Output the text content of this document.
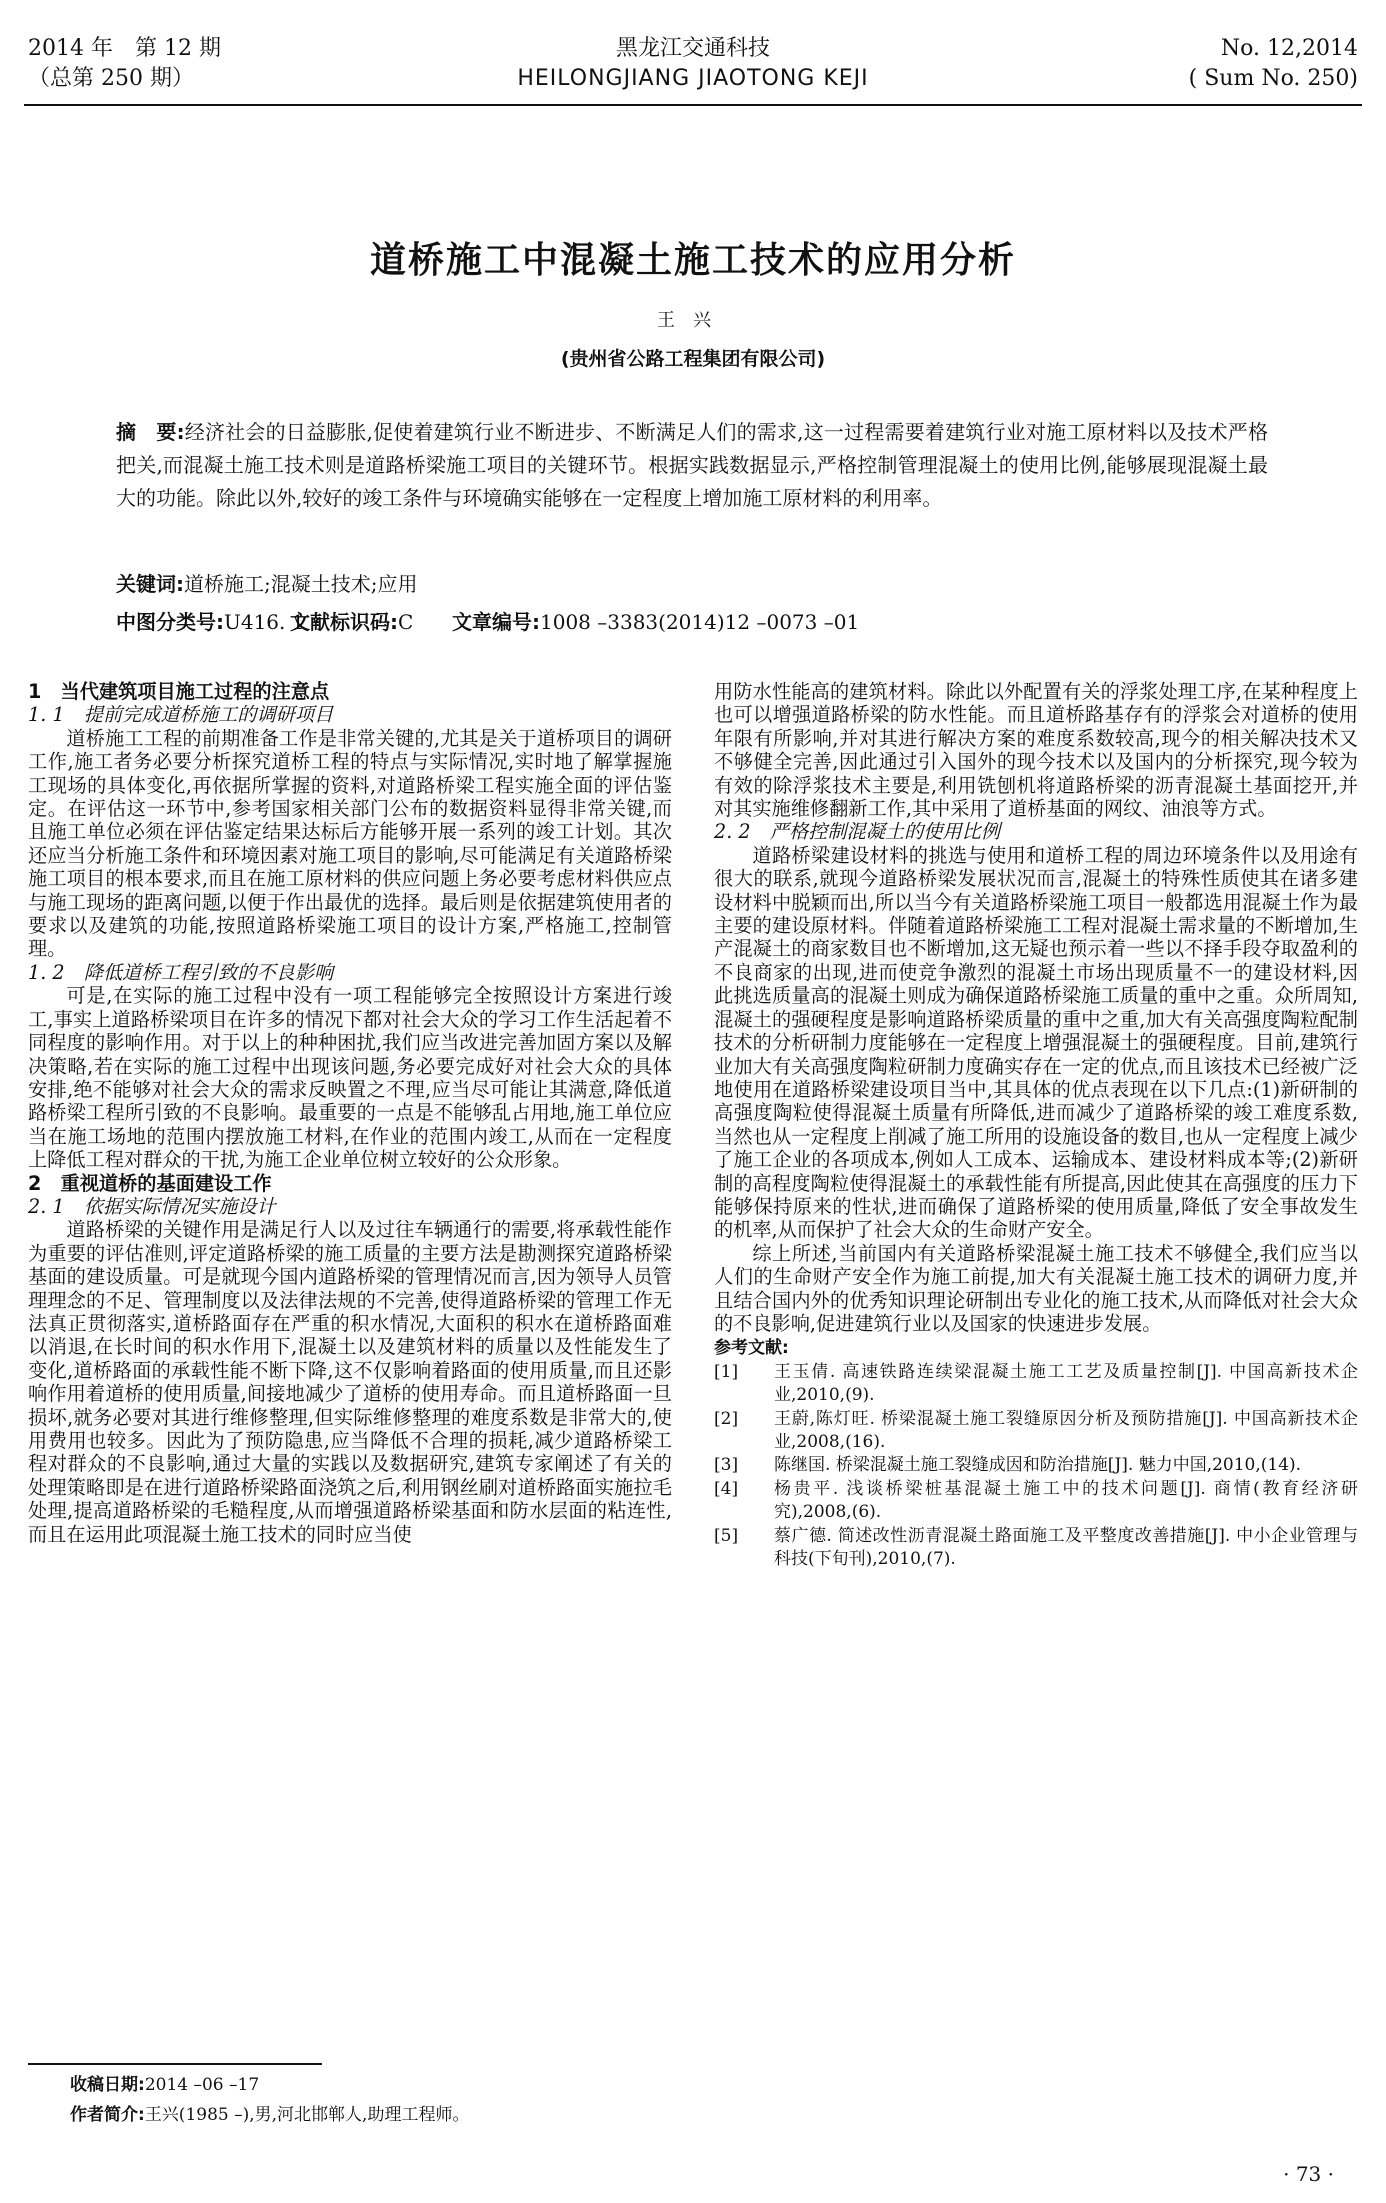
2014 年　第 12 期
（总第 250 期）
黑龙江交通科技
HEILONGJIANG JIAOTONG KEJI
No. 12,2014
( Sum No. 250)
道桥施工中混凝土施工技术的应用分析
王兴
(贵州省公路工程集团有限公司)
摘　要:经济社会的日益膨胀,促使着建筑行业不断进步、不断满足人们的需求,这一过程需要着建筑行业对施工原材料以及技术严格把关,而混凝土施工技术则是道路桥梁施工项目的关键环节。根据实践数据显示,严格控制管理混凝土的使用比例,能够展现混凝土最大的功能。除此以外,较好的竣工条件与环境确实能够在一定程度上增加施工原材料的利用率。
关键词:道桥施工;混凝土技术;应用
中图分类号:U416. 1
文献标识码:C 文章编号:1008 –3383(2014)12 –0073 –01
1　当代建筑项目施工过程的注意点
1. 1　提前完成道桥施工的调研项目

道桥施工工程的前期准备工作是非常关键的,尤其是关于道桥项目的调研工作,施工者务必要分析探究道桥工程的特点与实际情况,实时地了解掌握施工现场的具体变化,再依据所掌握的资料,对道路桥梁工程实施全面的评估鉴定。在评估这一环节中,参考国家相关部门公布的数据资料显得非常关键,而且施工单位必须在评估鉴定结果达标后方能够开展一系列的竣工计划。其次还应当分析施工条件和环境因素对施工项目的影响,尽可能满足有关道路桥梁施工项目的根本要求,而且在施工原材料的供应问题上务必要考虑材料供应点与施工现场的距离问题,以便于作出最优的选择。最后则是依据建筑使用者的要求以及建筑的功能,按照道路桥梁施工项目的设计方案,严格施工,控制管理。

1. 2　降低道桥工程引致的不良影响

可是,在实际的施工过程中没有一项工程能够完全按照设计方案进行竣工,事实上道路桥梁项目在许多的情况下都对社会大众的学习工作生活起着不同程度的影响作用。对于以上的种种困扰,我们应当改进完善加固方案以及解决策略,若在实际的施工过程中出现该问题,务必要完成好对社会大众的具体安排,绝不能够对社会大众的需求反映置之不理,应当尽可能让其满意,降低道路桥梁工程所引致的不良影响。最重要的一点是不能够乱占用地,施工单位应当在施工场地的范围内摆放施工材料,在作业的范围内竣工,从而在一定程度上降低工程对群众的干扰,为施工企业单位树立较好的公众形象。

2　重视道桥的基面建设工作
2. 1　依据实际情况实施设计

道路桥梁的关键作用是满足行人以及过往车辆通行的需要,将承载性能作为重要的评估准则,评定道路桥梁的施工质量的主要方法是勘测探究道路桥梁基面的建设质量。可是就现今国内道路桥梁的管理情况而言,因为领导人员管理理念的不足、管理制度以及法律法规的不完善,使得道路桥梁的管理工作无法真正贯彻落实,道桥路面存在严重的积水情况,大面积的积水在道桥路面难以消退,在长时间的积水作用下,混凝土以及建筑材料的质量以及性能发生了变化,道桥路面的承载性能不断下降,这不仅影响着路面的使用质量,而且还影响作用着道桥的使用质量,间接地减少了道桥的使用寿命。而且道桥路面一旦损坏,就务必要对其进行维修整理,但实际维修整理的难度系数是非常大的,使用费用也较多。因此为了预防隐患,应当降低不合理的损耗,减少道路桥梁工程对群众的不良影响,通过大量的实践以及数据研究,建筑专家阐述了有关的处理策略即是在进行道路桥梁路面浇筑之后,利用钢丝刷对道桥路面实施拉毛处理,提高道路桥梁的毛糙程度,从而增强道路桥梁基面和防水层面的粘连性,而且在运用此项混凝土施工技术的同时应当使

用防水性能高的建筑材料。除此以外配置有关的浮浆处理工序,在某种程度上也可以增强道路桥梁的防水性能。而且道桥路基存有的浮浆会对道桥的使用年限有所影响,并对其进行解决方案的难度系数较高,现今的相关解决技术又不够健全完善,因此通过引入国外的现今技术以及国内的分析探究,现今较为有效的除浮浆技术主要是,利用铣刨机将道路桥梁的沥青混凝土基面挖开,并对其实施维修翻新工作,其中采用了道桥基面的网纹、油浪等方式。

2. 2　严格控制混凝土的使用比例

道路桥梁建设材料的挑选与使用和道桥工程的周边环境条件以及用途有很大的联系,就现今道路桥梁发展状况而言,混凝土的特殊性质使其在诸多建设材料中脱颖而出,所以当今有关道路桥梁施工项目一般都选用混凝土作为最主要的建设原材料。伴随着道路桥梁施工工程对混凝土需求量的不断增加,生产混凝土的商家数目也不断增加,这无疑也预示着一些以不择手段夺取盈利的不良商家的出现,进而使竞争激烈的混凝土市场出现质量不一的建设材料,因此挑选质量高的混凝土则成为确保道路桥梁施工质量的重中之重。众所周知,混凝土的强硬程度是影响道路桥梁质量的重中之重,加大有关高强度陶粒配制技术的分析研制力度能够在一定程度上增强混凝土的强硬程度。目前,建筑行业加大有关高强度陶粒研制力度确实存在一定的优点,而且该技术已经被广泛地使用在道路桥梁建设项目当中,其具体的优点表现在以下几点:(1)新研制的高强度陶粒使得混凝土质量有所降低,进而减少了道路桥梁的竣工难度系数,当然也从一定程度上削减了施工所用的设施设备的数目,也从一定程度上减少了施工企业的各项成本,例如人工成本、运输成本、建设材料成本等;(2)新研制的高程度陶粒使得混凝土的承载性能有所提高,因此使其在高强度的压力下能够保持原来的性状,进而确保了道路桥梁的使用质量,降低了安全事故发生的机率,从而保护了社会大众的生命财产安全。

综上所述,当前国内有关道路桥梁混凝土施工技术不够健全,我们应当以人们的生命财产安全作为施工前提,加大有关混凝土施工技术的调研力度,并且结合国内外的优秀知识理论研制出专业化的施工技术,从而降低对社会大众的不良影响,促进建筑行业以及国家的快速进步发展。

参考文献:
[1]	王玉倩. 高速铁路连续梁混凝土施工工艺及质量控制[J]. 中国高新技术企业,2010,(9).
[2]	王蔚,陈灯旺. 桥梁混凝土施工裂缝原因分析及预防措施[J]. 中国高新技术企业,2008,(16).
[3]	陈继国. 桥梁混凝土施工裂缝成因和防治措施[J]. 魅力中国,2010,(14).
[4]	杨贵平. 浅谈桥梁桩基混凝土施工中的技术问题[J]. 商情(教育经济研究),2008,(6).
[5]	蔡广德. 简述改性沥青混凝土路面施工及平整度改善措施[J]. 中小企业管理与科技(下旬刊),2010,(7).
收稿日期:2014 –06 –17
作者简介:王兴(1985 –),男,河北邯郸人,助理工程师。
· 73 ·
